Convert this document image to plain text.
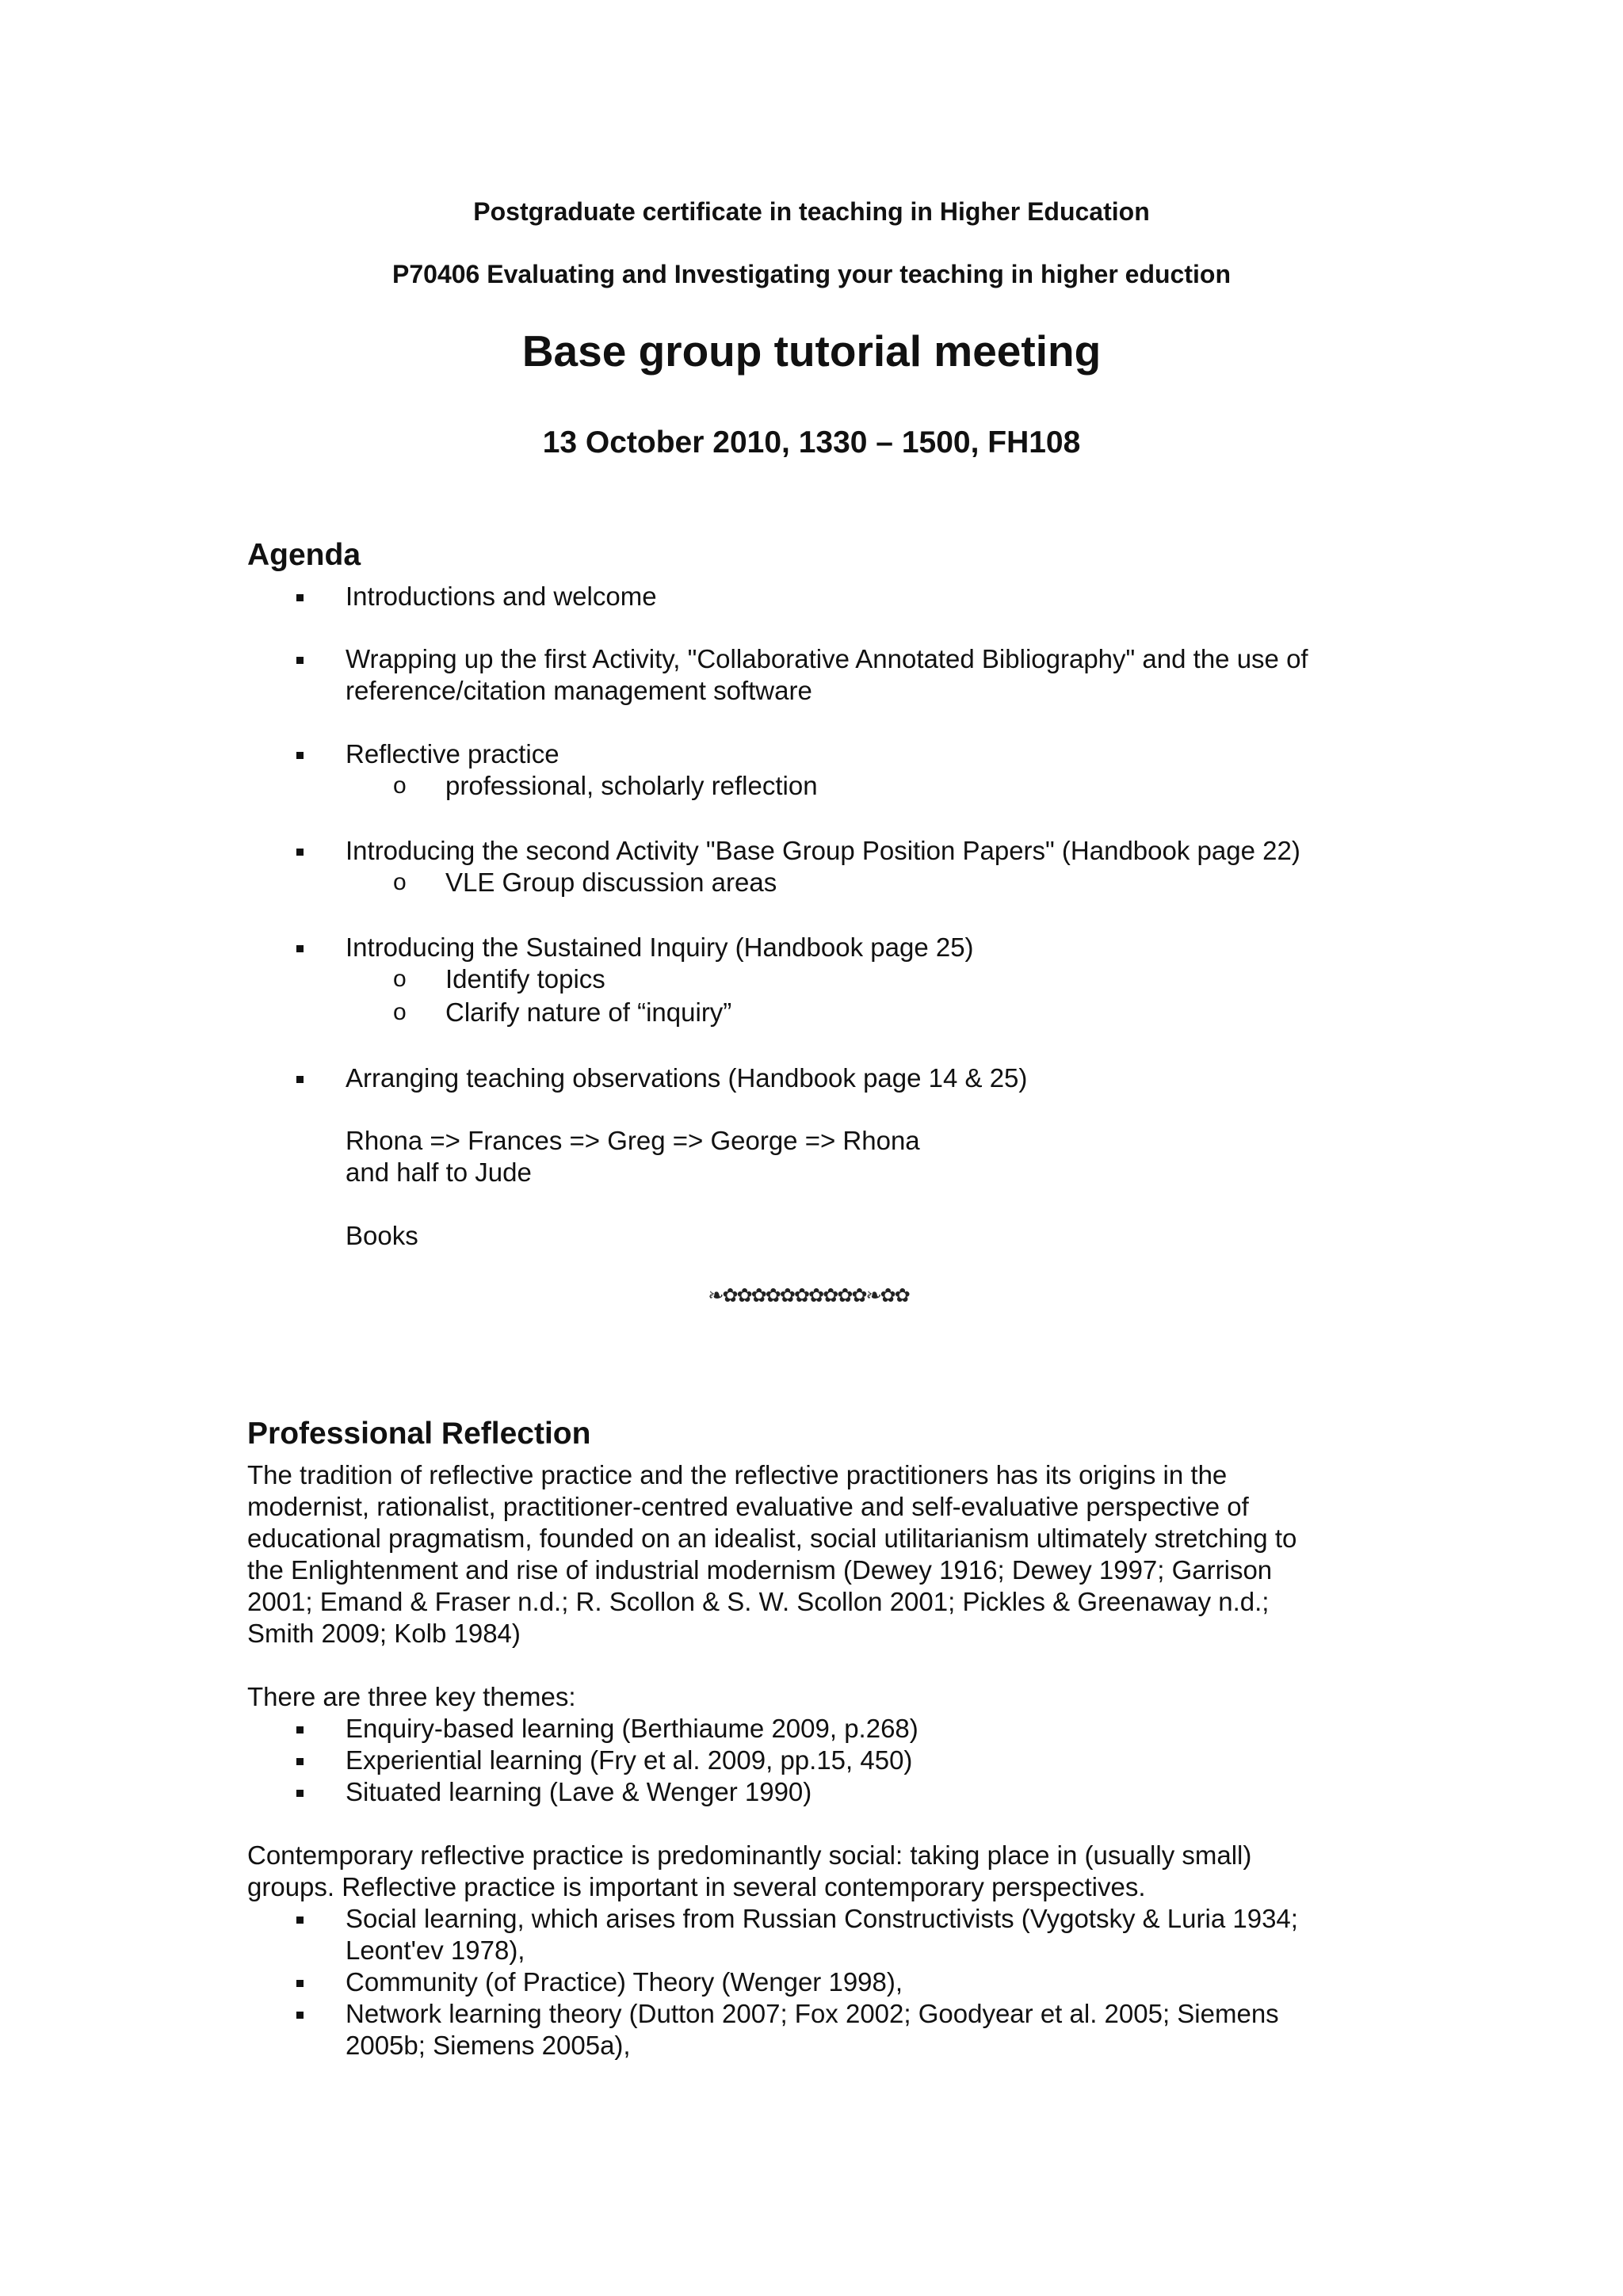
Postgraduate certificate in teaching in Higher Education
P70406 Evaluating and Investigating your teaching in higher eduction
Base group tutorial meeting
13 October 2010, 1330 – 1500, FH108
Agenda
Introductions and welcome
Wrapping up the first Activity, "Collaborative Annotated Bibliography" and the use of
reference/citation management software
Reflective practice
o professional, scholarly reflection
Introducing the second Activity "Base Group Position Papers" (Handbook page 22)
o VLE Group discussion areas
Introducing the Sustained Inquiry (Handbook page 25)
o Identify topics
o Clarify nature of “inquiry”
Arranging teaching observations (Handbook page 14 & 25)
Rhona => Frances => Greg => George => Rhona
and half to Jude
Books
❧✿✿✿✿✿✿✿✿✿✿❧✿✿
Professional Reflection
The tradition of reflective practice and the reflective practitioners has its origins in the
modernist, rationalist, practitioner-centred evaluative and self-evaluative perspective of
educational pragmatism, founded on an idealist, social utilitarianism ultimately stretching to
the Enlightenment and rise of industrial modernism (Dewey 1916; Dewey 1997; Garrison
2001; Emand & Fraser n.d.; R. Scollon & S. W. Scollon 2001; Pickles & Greenaway n.d.;
Smith 2009; Kolb 1984)
There are three key themes:
Enquiry-based learning (Berthiaume 2009, p.268)
Experiential learning (Fry et al. 2009, pp.15, 450)
Situated learning (Lave & Wenger 1990)
Contemporary reflective practice is predominantly social: taking place in (usually small)
groups. Reflective practice is important in several contemporary perspectives.
Social learning, which arises from Russian Constructivists (Vygotsky & Luria 1934;
Leont'ev 1978),
Community (of Practice) Theory (Wenger 1998),
Network learning theory (Dutton 2007; Fox 2002; Goodyear et al. 2005; Siemens
2005b; Siemens 2005a),
